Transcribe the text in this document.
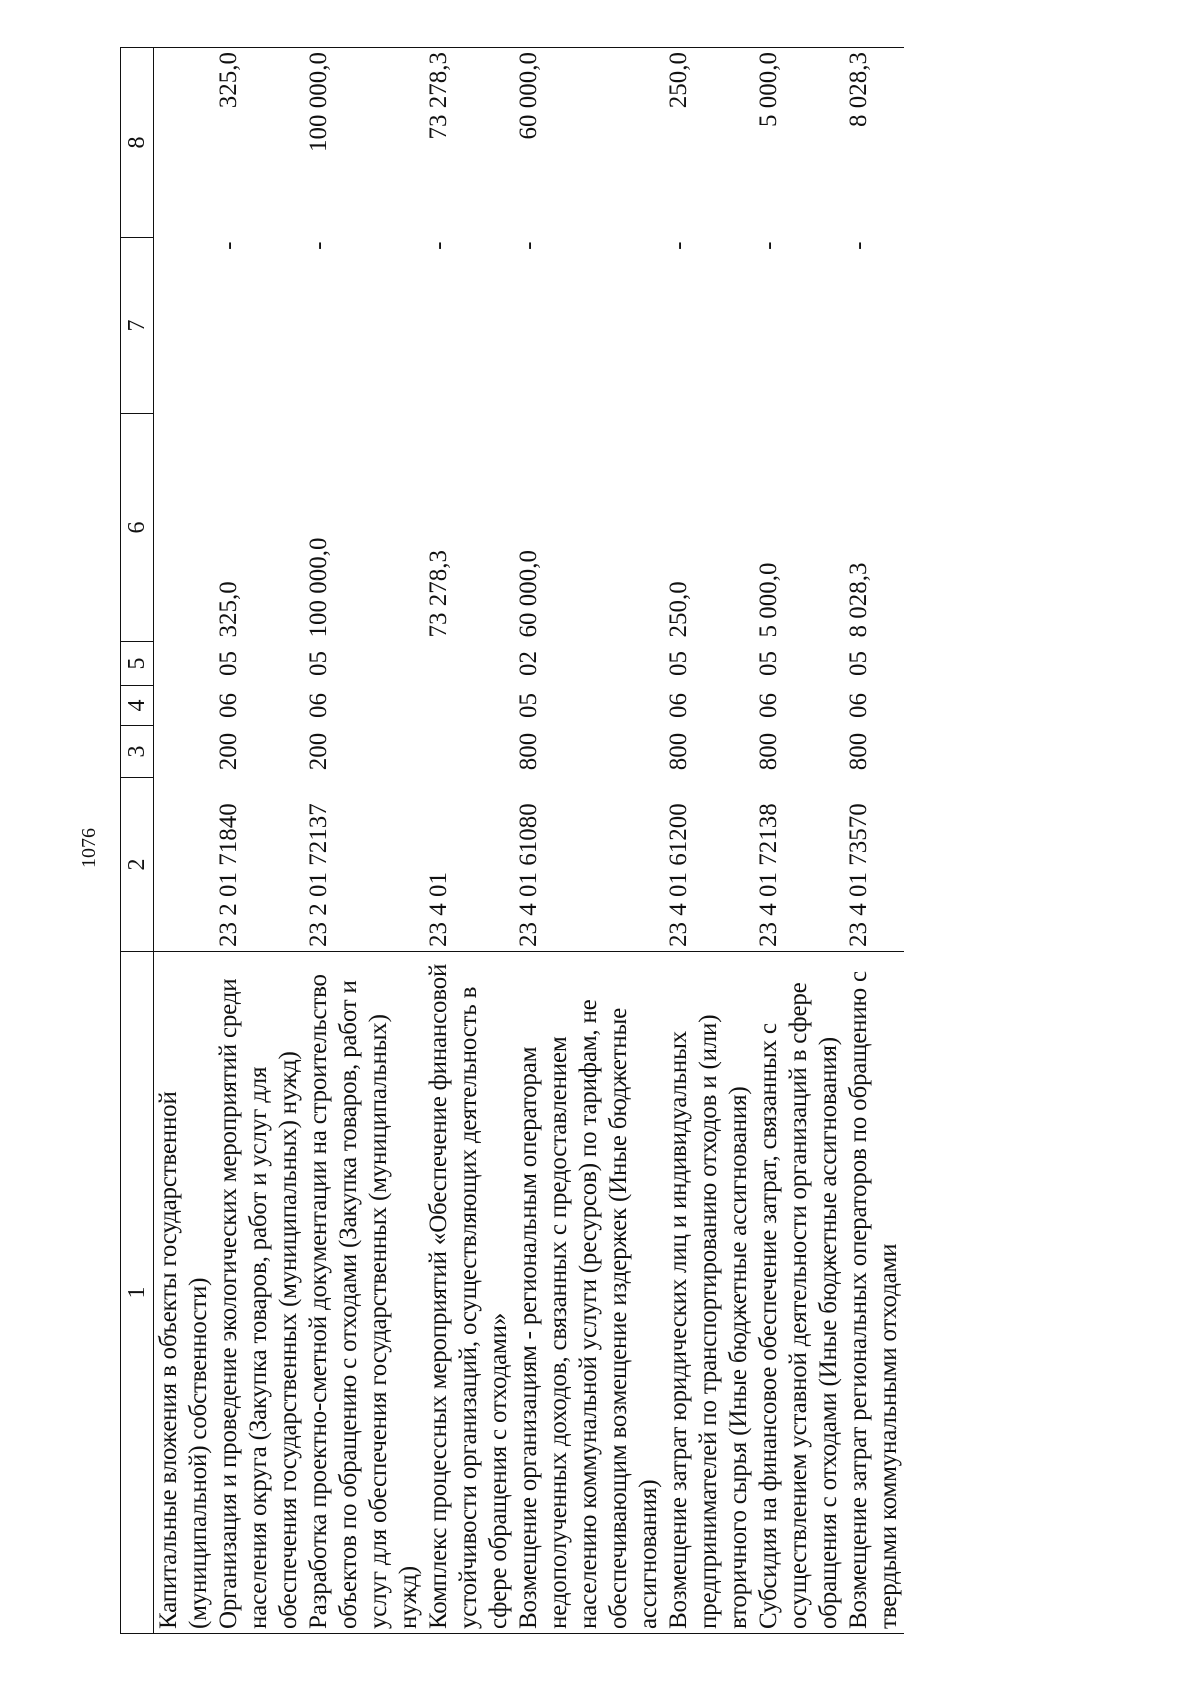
1076
1	2	3	4	5	6	7	8
Капитальные вложения в объекты государственной (муниципальной) собственности)							
Организация и проведение экологических мероприятий среди населения округа (Закупка товаров, работ и услуг для обеспечения государственных (муниципальных) нужд)	23 2 01 71840	200	06	05	325,0	-	325,0
Разработка проектно-сметной документации на строительство объектов по обращению с отходами (Закупка товаров, работ и услуг для обеспечения государственных (муниципальных) нужд)	23 2 01 72137	200	06	05	100 000,0	-	100 000,0
Комплекс процессных мероприятий «Обеспечение финансовой устойчивости организаций, осуществляющих деятельность в сфере обращения с отходами»	23 4 01				73 278,3	-	73 278,3
Возмещение организациям - региональным операторам недополученных доходов, связанных с предоставлением населению коммунальной услуги (ресурсов) по тарифам, не обеспечивающим возмещение издержек (Иные бюджетные ассигнования)	23 4 01 61080	800	05	02	60 000,0	-	60 000,0
Возмещение затрат юридических лиц и индивидуальных предпринимателей по транспортированию отходов и (или) вторичного сырья (Иные бюджетные ассигнования)	23 4 01 61200	800	06	05	250,0	-	250,0
Субсидия на финансовое обеспечение затрат, связанных с осуществлением уставной деятельности организаций в сфере обращения с отходами (Иные бюджетные ассигнования)	23 4 01 72138	800	06	05	5 000,0	-	5 000,0
Возмещение затрат региональных операторов по обращению с твердыми коммунальными отходами	23 4 01 73570	800	06	05	8 028,3	-	8 028,3
